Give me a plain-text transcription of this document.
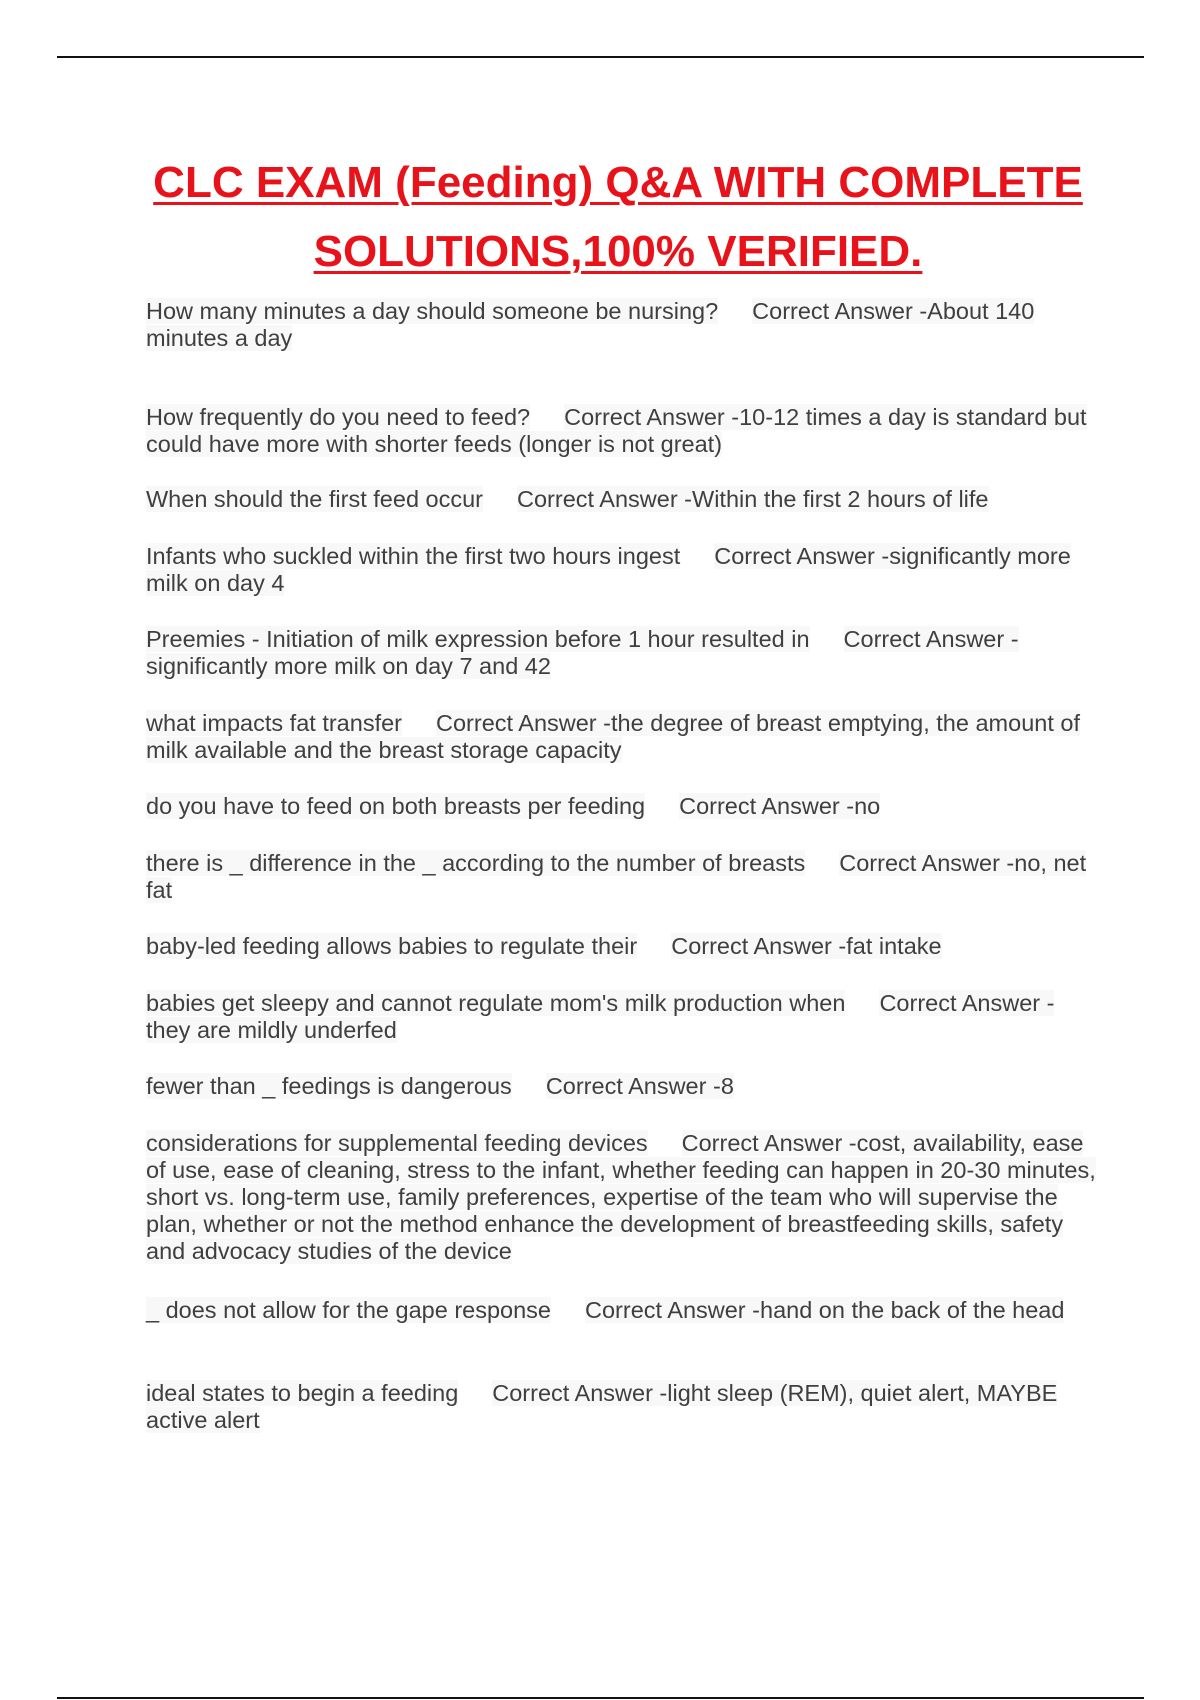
CLC EXAM (Feeding) Q&A WITH COMPLETE
SOLUTIONS,100% VERIFIED.

How many minutes a day should someone be nursing? Correct Answer -About 140 minutes a day

How frequently do you need to feed? Correct Answer -10-12 times a day is standard but could have more with shorter feeds (longer is not great)

When should the first feed occur Correct Answer -Within the first 2 hours of life

Infants who suckled within the first two hours ingest Correct Answer -significantly more milk on day 4

Preemies - Initiation of milk expression before 1 hour resulted in Correct Answer -significantly more milk on day 7 and 42

what impacts fat transfer Correct Answer -the degree of breast emptying, the amount of milk available and the breast storage capacity

do you have to feed on both breasts per feeding Correct Answer -no

there is _ difference in the _ according to the number of breasts Correct Answer -no, net fat

baby-led feeding allows babies to regulate their Correct Answer -fat intake

babies get sleepy and cannot regulate mom's milk production when Correct Answer -they are mildly underfed

fewer than _ feedings is dangerous Correct Answer -8

considerations for supplemental feeding devices Correct Answer -cost, availability, ease of use, ease of cleaning, stress to the infant, whether feeding can happen in 20-30 minutes, short vs. long-term use, family preferences, expertise of the team who will supervise the plan, whether or not the method enhance the development of breastfeeding skills, safety and advocacy studies of the device

_ does not allow for the gape response Correct Answer -hand on the back of the head

ideal states to begin a feeding Correct Answer -light sleep (REM), quiet alert, MAYBE active alert
